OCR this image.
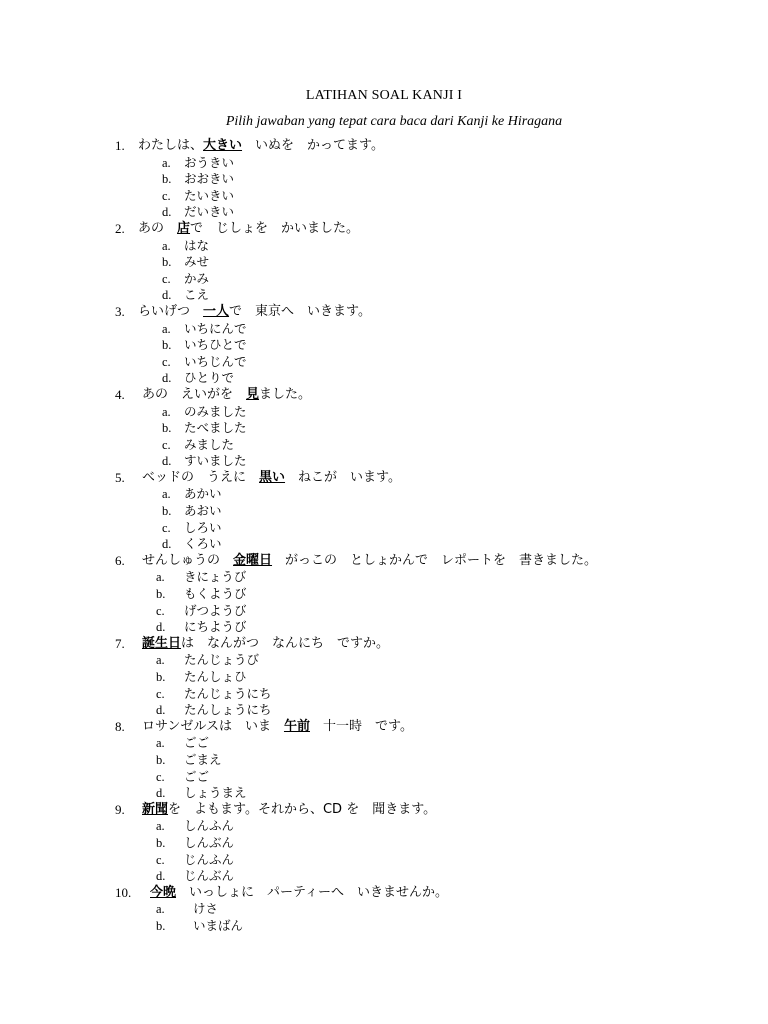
LATIHAN SOAL KANJI I
Pilih jawaban yang tepat cara baca dari Kanji ke Hiragana
1. わたしは、大きい　いぬを　かってます。
a. おうきい
b. おおきい
c. たいきい
d. だいきい
2. あの　店で　じしょを　かいました。
a. はな
b. みせ
c. かみ
d. こえ
3. らいげつ　一人で　東京へ　いきます。
a. いちにんで
b. いちひとで
c. いちじんで
d. ひとりで
4. あの　えいがを　見ました。
a. のみました
b. たべました
c. みました
d. すいました
5. ベッドの　うえに　黒い　ねこが　います。
a. あかい
b. あおい
c. しろい
d. くろい
6. せんしゅうの　金曜日　がっこの　としょかんで　レポートを　書きました。
a. きにょうび
b. もくようび
c. げつようび
d. にちようび
7. 誕生日は　なんがつ　なんにち　ですか。
a. たんじょうび
b. たんしょひ
c. たんじょうにち
d. たんしょうにち
8. ロサンゼルスは　いま　午前　十一時　です。
a. ごご
b. ごまえ
c. ごご
d. しょうまえ
9. 新聞を　よもます。それから、CD を　聞きます。
a. しんふん
b. しんぶん
c. じんふん
d. じんぶん
10. 今晩　いっしょに　パーティーへ　いきませんか。
a. けさ
b. いまばん
